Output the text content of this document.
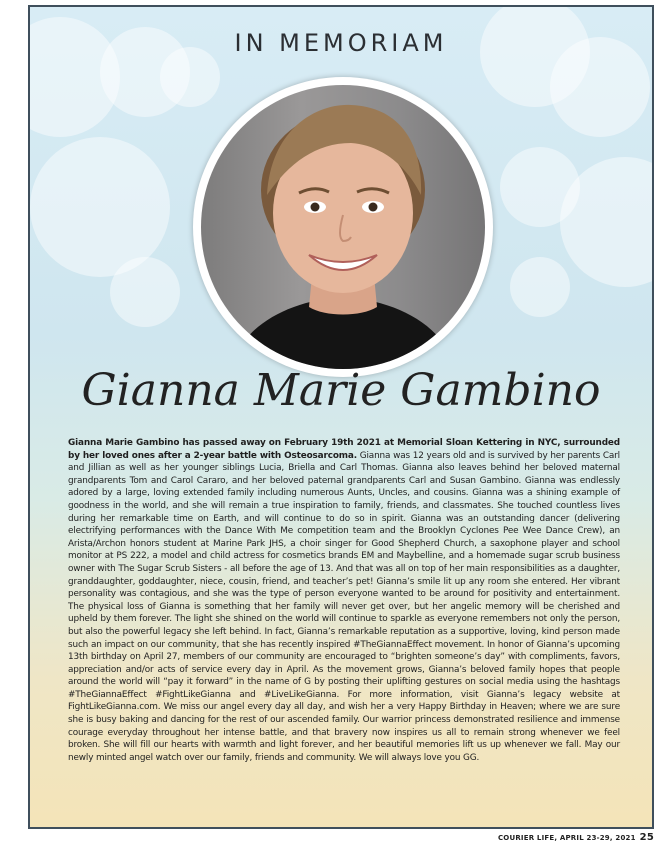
IN MEMORIAM
Gianna Marie Gambino

Gianna Marie Gambino has passed away on February 19th 2021 at Memorial Sloan Kettering in NYC, surrounded by her loved ones after a 2-year battle with Osteosarcoma. Gianna was 12 years old and is survived by her parents Carl and Jillian as well as her younger siblings Lucia, Briella and Carl Thomas. Gianna also leaves behind her beloved maternal grandparents Tom and Carol Cararo, and her beloved paternal grandparents Carl and Susan Gambino. Gianna was endlessly adored by a large, loving extended family including numerous Aunts, Uncles, and cousins. Gianna was a shining example of goodness in the world, and she will remain a true inspiration to family, friends, and classmates. She touched countless lives during her remarkable time on Earth, and will continue to do so in spirit. Gianna was an outstanding dancer (delivering electrifying performances with the Dance With Me competition team and the Brooklyn Cyclones Pee Wee Dance Crew), an Arista/Archon honors student at Marine Park JHS, a choir singer for Good Shepherd Church, a saxophone player and school monitor at PS 222, a model and child actress for cosmetics brands EM and Maybelline, and a homemade sugar scrub business owner with The Sugar Scrub Sisters - all before the age of 13. And that was all on top of her main responsibilities as a daughter, granddaughter, goddaughter, niece, cousin, friend, and teacher’s pet! Gianna’s smile lit up any room she entered. Her vibrant personality was contagious, and she was the type of person everyone wanted to be around for positivity and entertainment. The physical loss of Gianna is something that her family will never get over, but her angelic memory will be cherished and upheld by them forever. The light she shined on the world will continue to sparkle as everyone remembers not only the person, but also the powerful legacy she left behind. In fact, Gianna’s remarkable reputation as a supportive, loving, kind person made such an impact on our community, that she has recently inspired #TheGiannaEffect movement. In honor of Gianna’s upcoming 13th birthday on April 27, members of our community are encouraged to “brighten someone’s day” with compliments, favors, appreciation and/or acts of service every day in April. As the movement grows, Gianna’s beloved family hopes that people around the world will “pay it forward” in the name of G by posting their uplifting gestures on social media using the hashtags #TheGiannaEffect #FightLikeGianna and #LiveLikeGianna. For more information, visit Gianna’s legacy website at FightLikeGianna.com. We miss our angel every day all day, and wish her a very Happy Birthday in Heaven; where we are sure she is busy baking and dancing for the rest of our ascended family. Our warrior princess demonstrated resilience and immense courage everyday throughout her intense battle, and that bravery now inspires us all to remain strong whenever we feel broken. She will fill our hearts with warmth and light forever, and her beautiful memories lift us up whenever we fall. May our newly minted angel watch over our family, friends and community. We will always love you GG.

COURIER LIFE, APRIL 23-29, 2021 25
